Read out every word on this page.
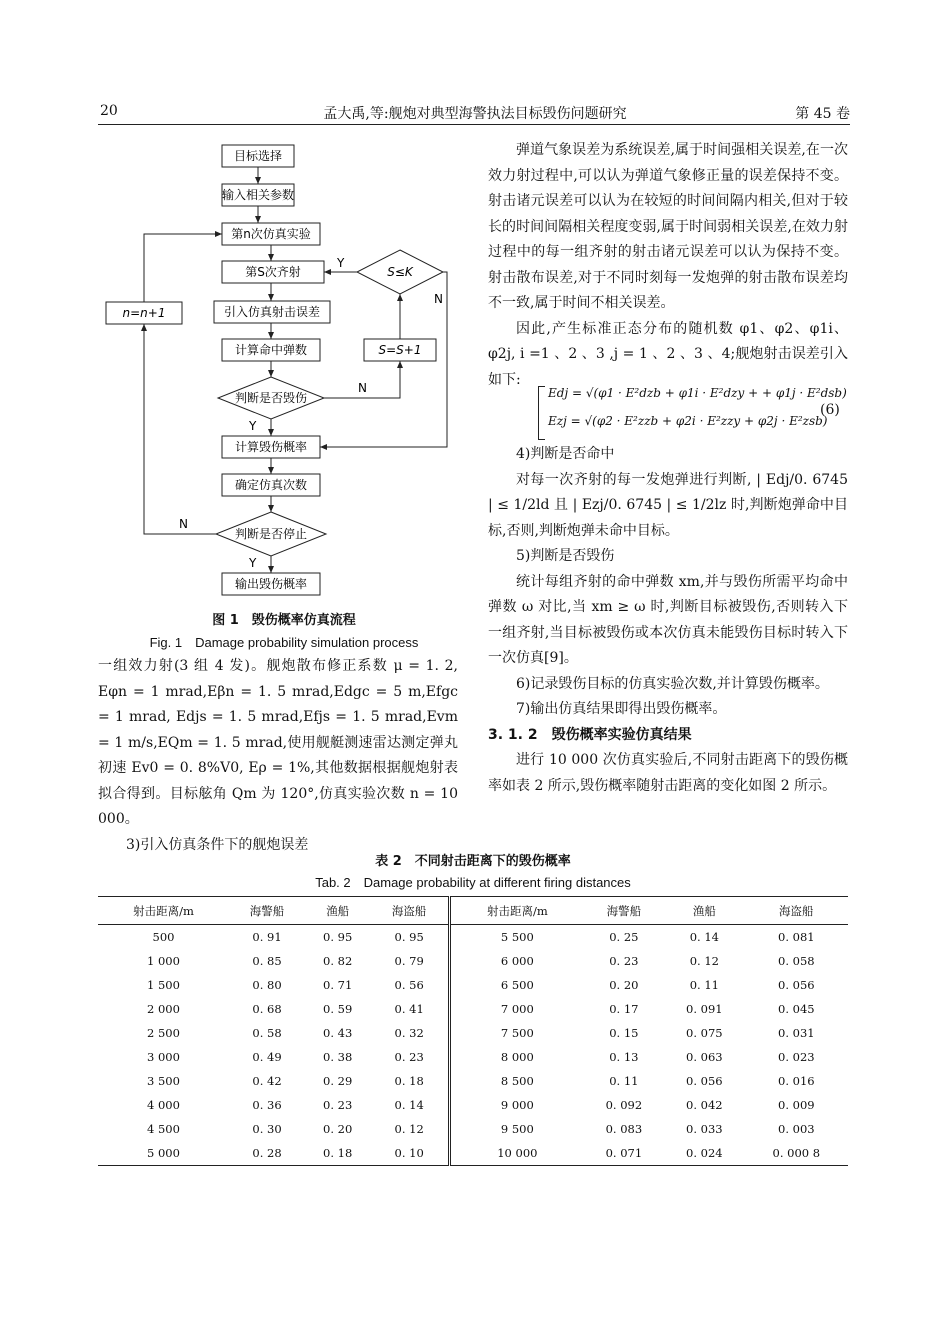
20	孟大禹,等:舰炮对典型海警执法目标毁伤问题研究	第 45 卷
目标选择
输入相关参数
第n次仿真实验
第S次齐射
引入仿真射击误差
计算命中弹数
判断是否毁伤
计算毁伤概率
确定仿真次数
判断是否停止
输出毁伤概率
n=n+1
S≤K
S=S+1
Y
N
N
Y
N
Y
图 1　毁伤概率仿真流程
Fig. 1　Damage probability simulation process

一组效力射(3 组 4 发)。舰炮散布修正系数 μ = 1. 2, Eφn = 1 mrad,Eβn = 1. 5 mrad,Edgc = 5 m,Efgc = 1 mrad, Edjs = 1. 5 mrad,Efjs = 1. 5 mrad,Evm = 1 m/s,EQm = 1. 5 mrad,使用舰艇测速雷达测定弹丸初速 Ev0 = 0. 8%V0, Eρ = 1%,其他数据根据舰炮射表拟合得到。目标舷角 Qm 为 120°,仿真实验次数 n = 10 000。

3)引入仿真条件下的舰炮误差

弹道气象误差为系统误差,属于时间强相关误差,在一次效力射过程中,可以认为弹道气象修正量的误差保持不变。射击诸元误差可以认为在较短的时间间隔内相关,但对于较长的时间间隔相关程度变弱,属于时间弱相关误差,在效力射过程中的每一组齐射的射击诸元误差可以认为保持不变。射击散布误差,对于不同时刻每一发炮弹的射击散布误差均不一致,属于时间不相关误差。

因此,产生标准正态分布的随机数 φ1、φ2、φ1i、φ2j, i =1 、2 、3 ,j = 1 、2 、3 、4;舰炮射击误差引入如下:

Edj = √(φ1 · E²dzb + φ1i · E²dzy + + φ1j · E²dsb)
Ezj = √(φ2 · E²zzb + φ2i · E²zzy + φ2j · E²zsb)
(6)

4)判断是否命中

对每一次齐射的每一发炮弹进行判断, | Edj/0. 6745 | ≤ 1/2ld 且 | Ezj/0. 6745 | ≤ 1/2lz 时,判断炮弹命中目标,否则,判断炮弹未命中目标。

5)判断是否毁伤

统计每组齐射的命中弹数 xm,并与毁伤所需平均命中弹数 ω 对比,当 xm ≥ ω 时,判断目标被毁伤,否则转入下一组齐射,当目标被毁伤或本次仿真未能毁伤目标时转入下一次仿真[9]。

6)记录毁伤目标的仿真实验次数,并计算毁伤概率。

7)输出仿真结果即得出毁伤概率。

3. 1. 2　毁伤概率实验仿真结果

进行 10 000 次仿真实验后,不同射击距离下的毁伤概率如表 2 所示,毁伤概率随射击距离的变化如图 2 所示。

表 2　不同射击距离下的毁伤概率
Tab. 2　Damage probability at different firing distances
射击距离/m	海警船	渔船	海盗船	射击距离/m	海警船	渔船	海盗船
500	0. 91	0. 95	0. 95	5 500	0. 25	0. 14	0. 081
1 000	0. 85	0. 82	0. 79	6 000	0. 23	0. 12	0. 058
1 500	0. 80	0. 71	0. 56	6 500	0. 20	0. 11	0. 056
2 000	0. 68	0. 59	0. 41	7 000	0. 17	0. 091	0. 045
2 500	0. 58	0. 43	0. 32	7 500	0. 15	0. 075	0. 031
3 000	0. 49	0. 38	0. 23	8 000	0. 13	0. 063	0. 023
3 500	0. 42	0. 29	0. 18	8 500	0. 11	0. 056	0. 016
4 000	0. 36	0. 23	0. 14	9 000	0. 092	0. 042	0. 009
4 500	0. 30	0. 20	0. 12	9 500	0. 083	0. 033	0. 003
5 000	0. 28	0. 18	0. 10	10 000	0. 071	0. 024	0. 000 8
